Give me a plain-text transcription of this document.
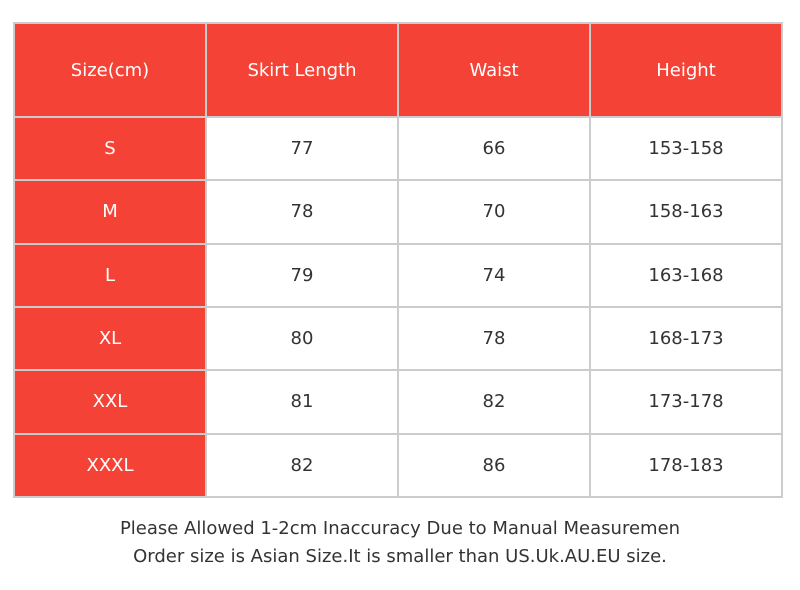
Size(cm)	Skirt Length	Waist	Height
S	77	66	153-158
M	78	70	158-163
L	79	74	163-168
XL	80	78	168-173
XXL	81	82	173-178
XXXL	82	86	178-183
Please Allowed 1-2cm Inaccuracy Due to Manual Measuremen
Order size is Asian Size.It is smaller than US.Uk.AU.EU size.
